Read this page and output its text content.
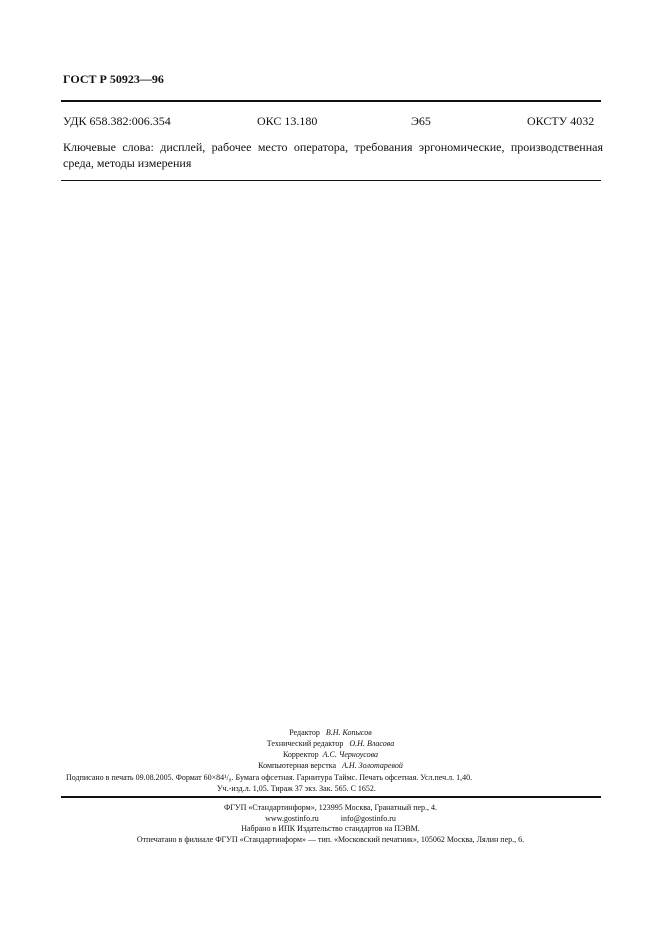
ГОСТ Р 50923—96
УДК 658.382:006.354	ОКС 13.180	Э65	ОКСТУ 4032
Ключевые слова: дисплей, рабочее место оператора, требования эргономические, производственная среда, методы измерения
Редактор В.Н. Копысов
Технический редактор О.Н. Власова
Корректор А.С. Черноусова
Компьютерная верстка А.Н. Золотаревой
Подписано в печать 09.08.2005. Формат 60×84¹/₈. Бумага офсетная. Гарнитура Таймс. Печать офсетная. Усл.печ.л. 1,40.
Уч.-изд.л. 1,05. Тираж 37 экз. Зак. 565. С 1652.
ФГУП «Стандартинформ», 123995 Москва, Гранатный пер., 4.
www.gostinfo.ru	info@gostinfo.ru
Набрано в ИПК Издательство стандартов на ПЭВМ.
Отпечатано в филиале ФГУП «Стандартинформ» — тип. «Московский печатник», 105062 Москва, Лялин пер., 6.
